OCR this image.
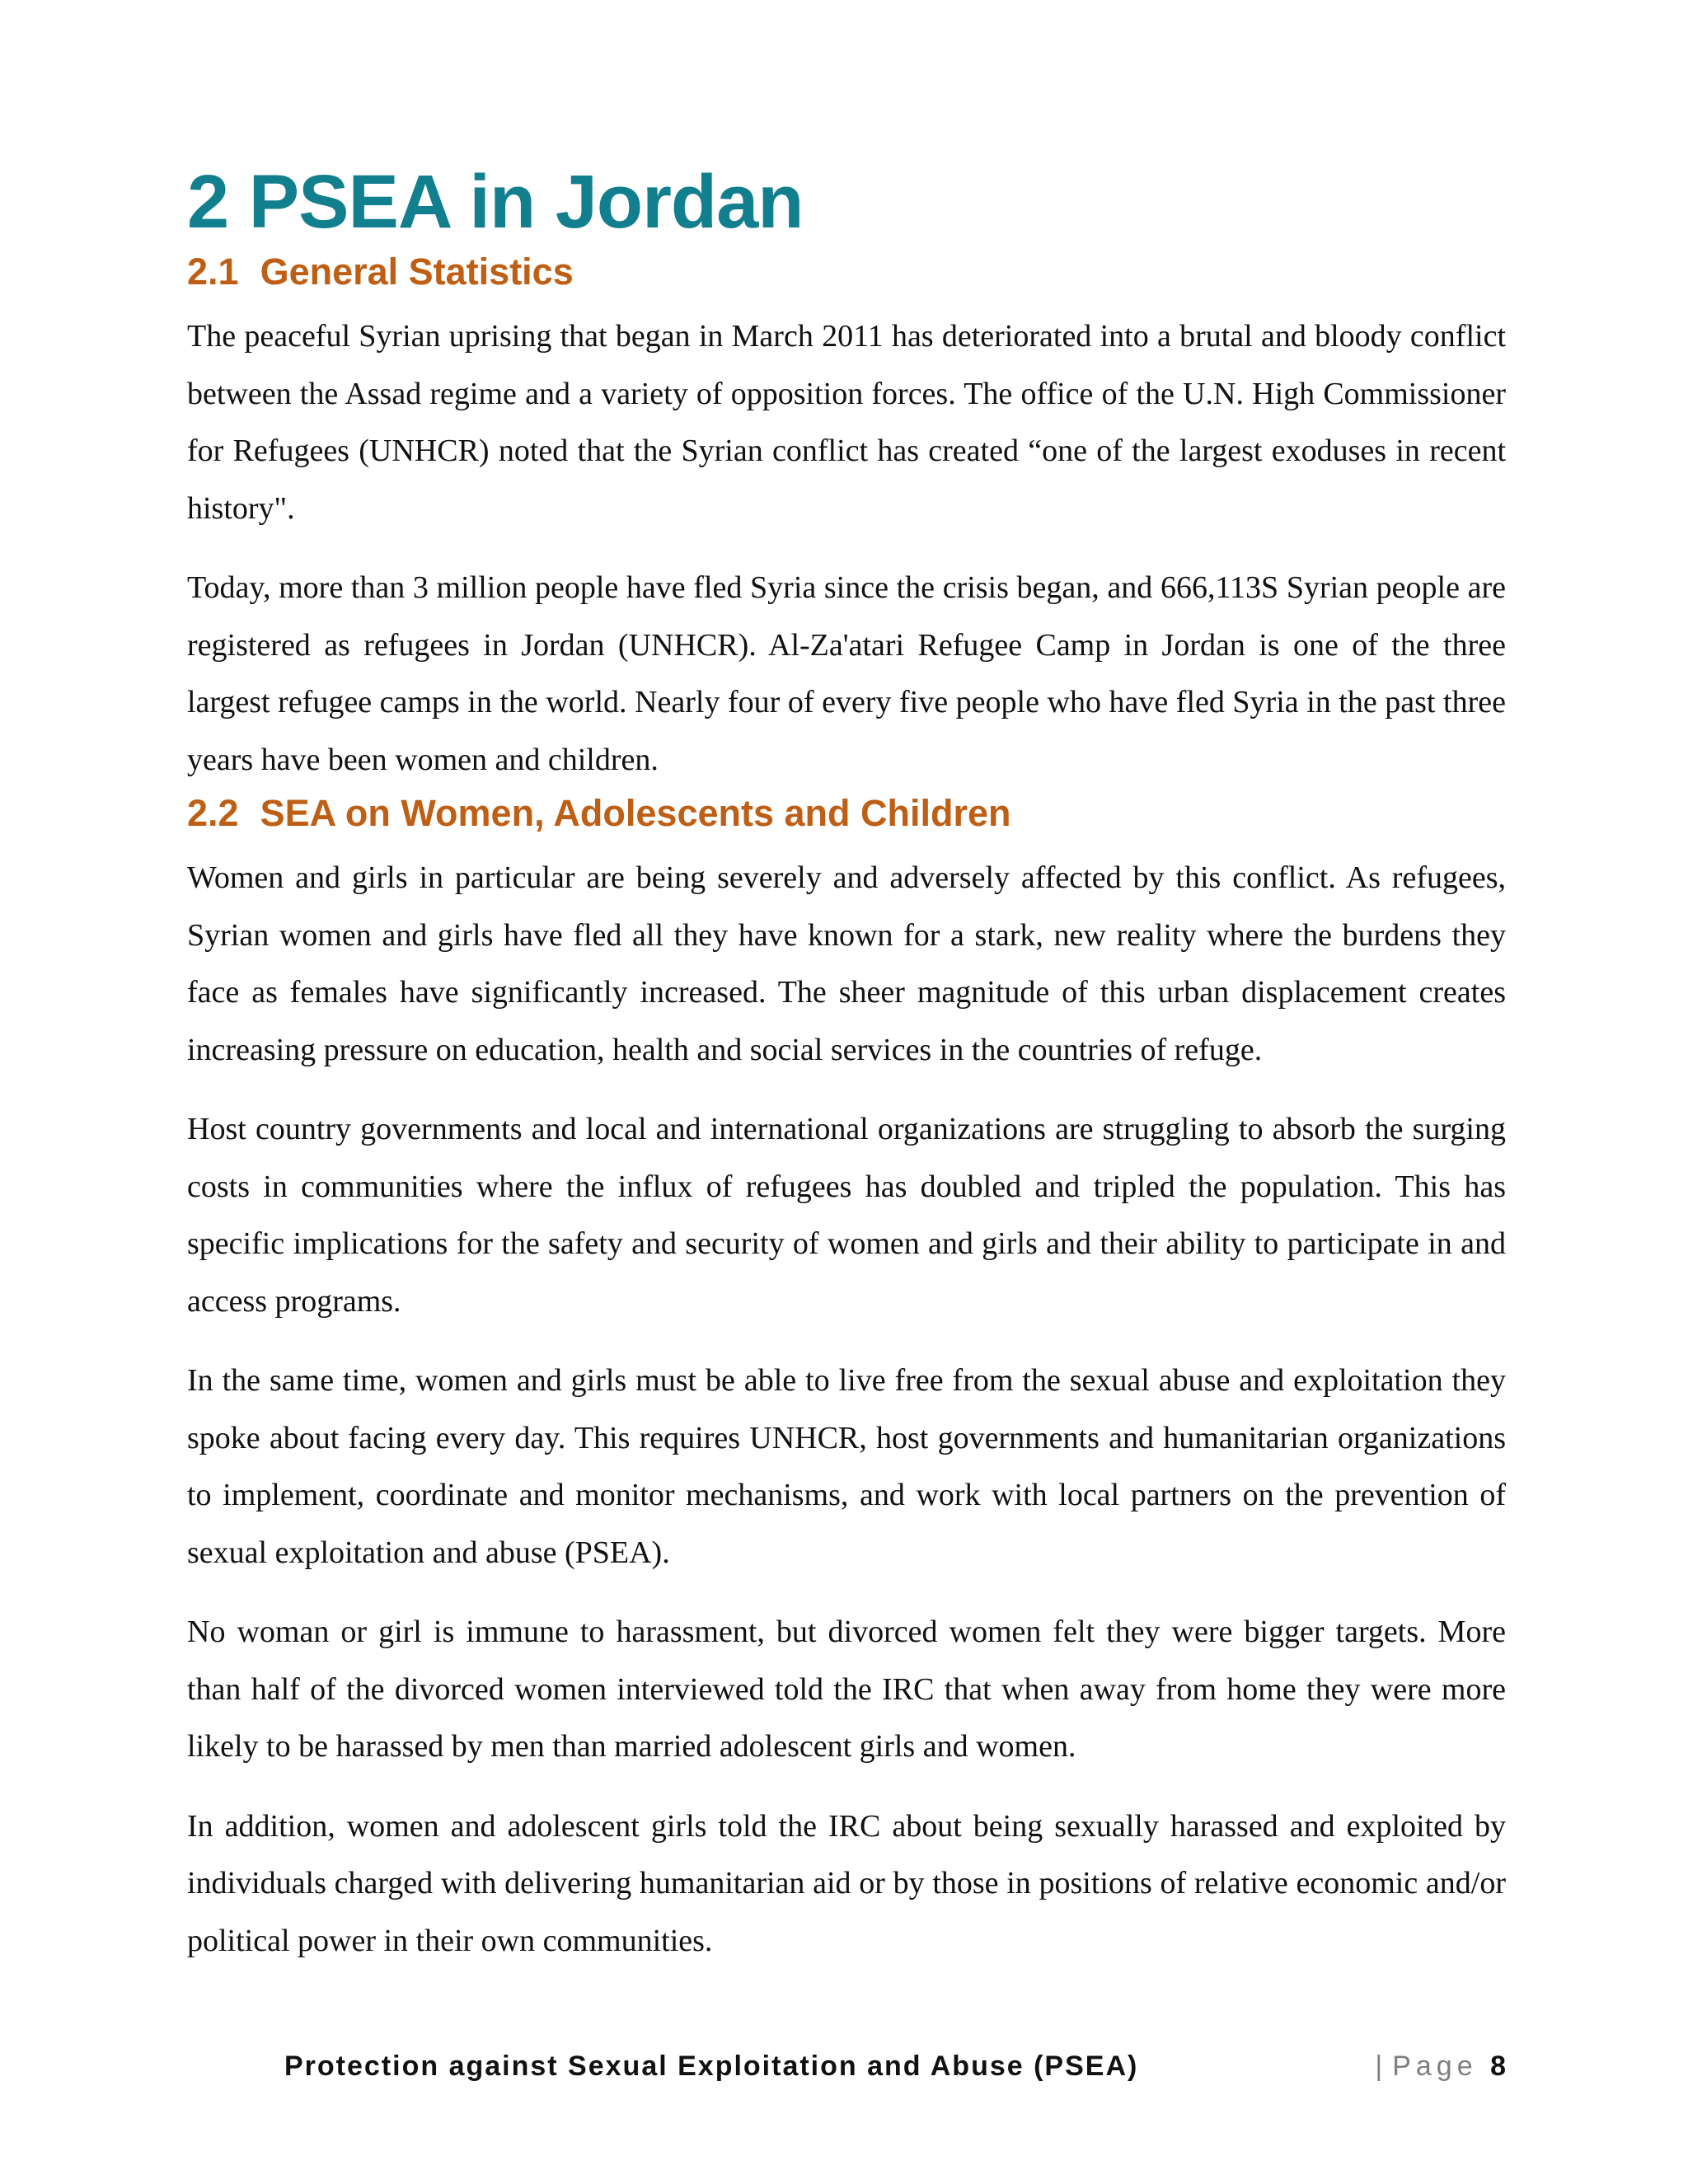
2 PSEA in Jordan
2.1 General Statistics

The peaceful Syrian uprising that began in March 2011 has deteriorated into a brutal and bloody conflict between the Assad regime and a variety of opposition forces. The office of the U.N. High Commissioner for Refugees (UNHCR) noted that the Syrian conflict has created “one of the largest exoduses in recent history".

Today, more than 3 million people have fled Syria since the crisis began, and 666,113S Syrian people are registered as refugees in Jordan (UNHCR). Al-Za'atari Refugee Camp in Jordan is one of the three largest refugee camps in the world. Nearly four of every five people who have fled Syria in the past three years have been women and children.

2.2 SEA on Women, Adolescents and Children

Women and girls in particular are being severely and adversely affected by this conflict. As refugees, Syrian women and girls have fled all they have known for a stark, new reality where the burdens they face as females have significantly increased. The sheer magnitude of this urban displacement creates increasing pressure on education, health and social services in the countries of refuge.

Host country governments and local and international organizations are struggling to absorb the surging costs in communities where the influx of refugees has doubled and tripled the population. This has specific implications for the safety and security of women and girls and their ability to participate in and access programs.

In the same time, women and girls must be able to live free from the sexual abuse and exploitation they spoke about facing every day. This requires UNHCR, host governments and humanitarian organizations to implement, coordinate and monitor mechanisms, and work with local partners on the prevention of sexual exploitation and abuse (PSEA).

No woman or girl is immune to harassment, but divorced women felt they were bigger targets. More than half of the divorced women interviewed told the IRC that when away from home they were more likely to be harassed by men than married adolescent girls and women.

In addition, women and adolescent girls told the IRC about being sexually harassed and exploited by individuals charged with delivering humanitarian aid or by those in positions of relative economic and/or political power in their own communities.

Protection against Sexual Exploitation and Abuse (PSEA)	| Page 8
